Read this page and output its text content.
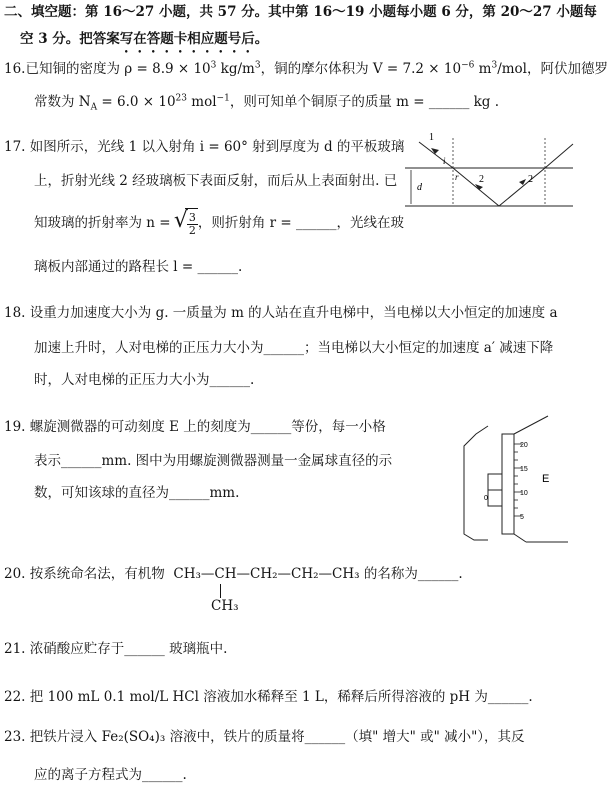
二、填空题：第 16～27 小题，共 57 分。其中第 16～19 小题每小题 6 分，第 20～27 小题每
空 3 分。把答案写在答题卡相应题号后。
16.已知铜的密度为 $\rho = 8.9 \times 10^3$ $kg/m^3$，铜的摩尔体积为 $V = 7.2 \times 10^{-6}$ $m^3$/mol，阿伏加德罗
常数为 $N_A = 6.0 \times 10^{23}$ mol$^{-1}$，则可知单个铜原子的质量 m = ______ kg .
17. 如图所示，光线 1 以入射角 i = 60° 射到厚度为 d 的平板玻璃
上，折射光线 2 经玻璃板下表面反射，而后从上表面射出. 已
知玻璃的折射率为 n =
√ $\frac{3}{2}$ ，则折射角 r = ______，光线在玻
璃板内部通过的路程长 l = ______.
d
1
i
r 2	2
18. 设重力加速度大小为 g. 一质量为 m 的人站在直升电梯中，当电梯以大小恒定的加速度 a
加速上升时，人对电梯的正压力大小为______；当电梯以大小恒定的加速度 a′ 减速下降
时，人对电梯的正压力大小为______.
19. 螺旋测微器的可动刻度 E 上的刻度为______等份，每一小格
表示______mm. 图中为用螺旋测微器测量一金属球直径的示
数，可知该球的直径为______mm.	0
20
15
10
5
E
20. 按系统命名法，有机物 CH₃—CH—CH₂—CH₂—CH₃ 的名称为______.
CH₃
21. 浓硝酸应贮存于______ 玻璃瓶中.
22. 把 100 mL 0.1 mol/L HCl 溶液加水稀释至 1 L，稀释后所得溶液的 pH 为______.
23. 把铁片浸入 Fe₂(SO₄)₃ 溶液中，铁片的质量将______（填" 增大" 或" 减小"），其反
应的离子方程式为______.
